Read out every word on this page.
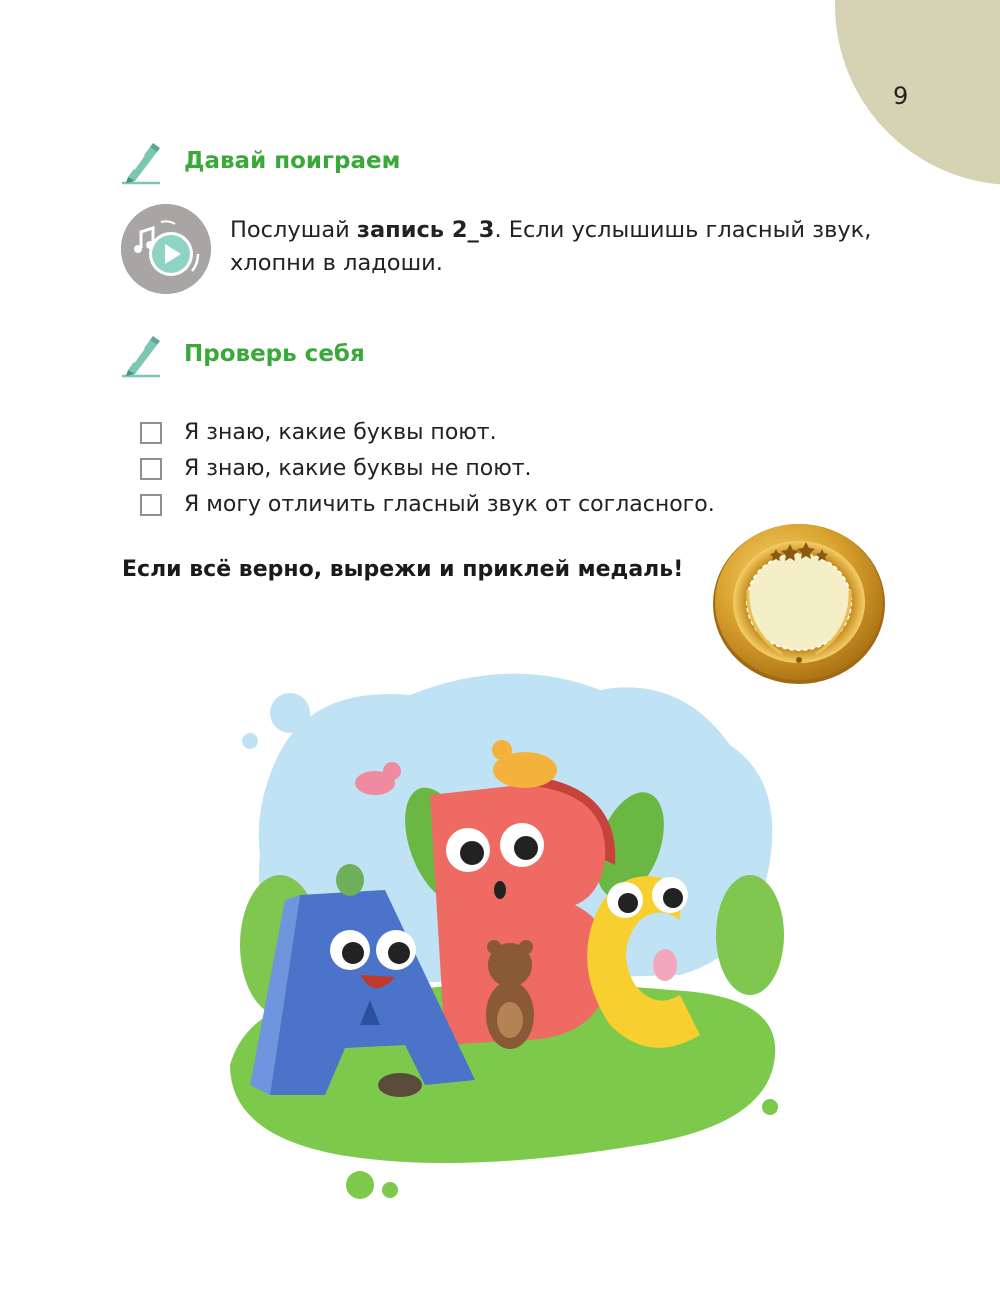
9
Давай поиграем
Послушай запись 2_3. Если услышишь гласный звук, хлопни в ладоши.
Проверь себя
Я знаю, какие буквы поют.
Я знаю, какие буквы не поют.
Я могу отличить гласный звук от согласного.
Если всё верно, вырежи и приклей медаль!
